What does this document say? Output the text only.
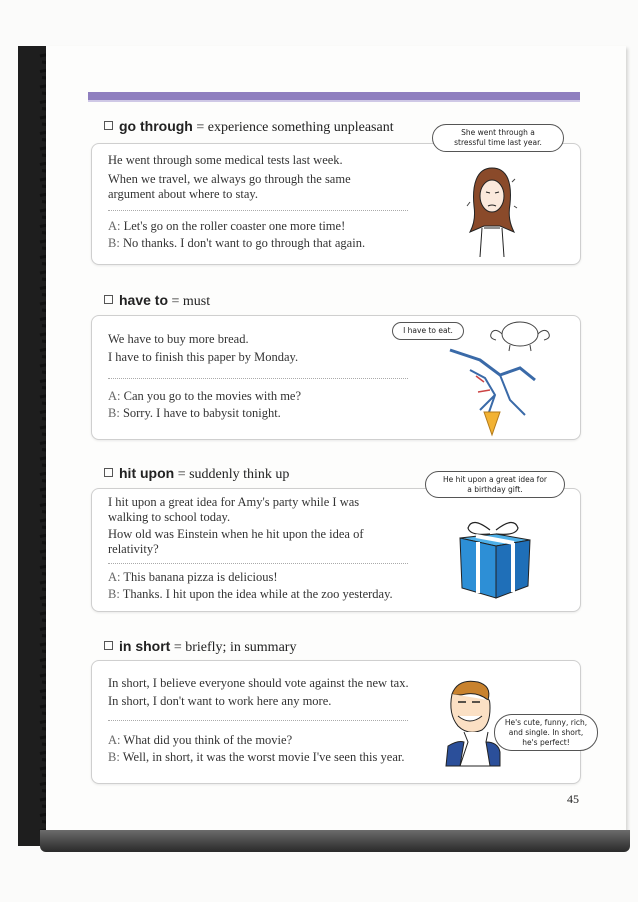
go through = experience something unpleasant
He went through some medical tests last week.
When we travel, we always go through the same
argument about where to stay.
A: Let's go on the roller coaster one more time!
B: No thanks. I don't want to go through that again.
She went through a
stressful time last year.
have to = must
We have to buy more bread.
I have to finish this paper by Monday.
A: Can you go to the movies with me?
B: Sorry. I have to babysit tonight.
I have to eat.
hit upon = suddenly think up
I hit upon a great idea for Amy's party while I was
walking to school today.
How old was Einstein when he hit upon the idea of
relativity?
A: This banana pizza is delicious!
B: Thanks. I hit upon the idea while at the zoo yesterday.
He hit upon a great idea for
a birthday gift.
in short = briefly; in summary
In short, I believe everyone should vote against the new tax.
In short, I don't want to work here any more.
A: What did you think of the movie?
B: Well, in short, it was the worst movie I've seen this year.
He's cute, funny, rich,
and single. In short,
he's perfect!
45
